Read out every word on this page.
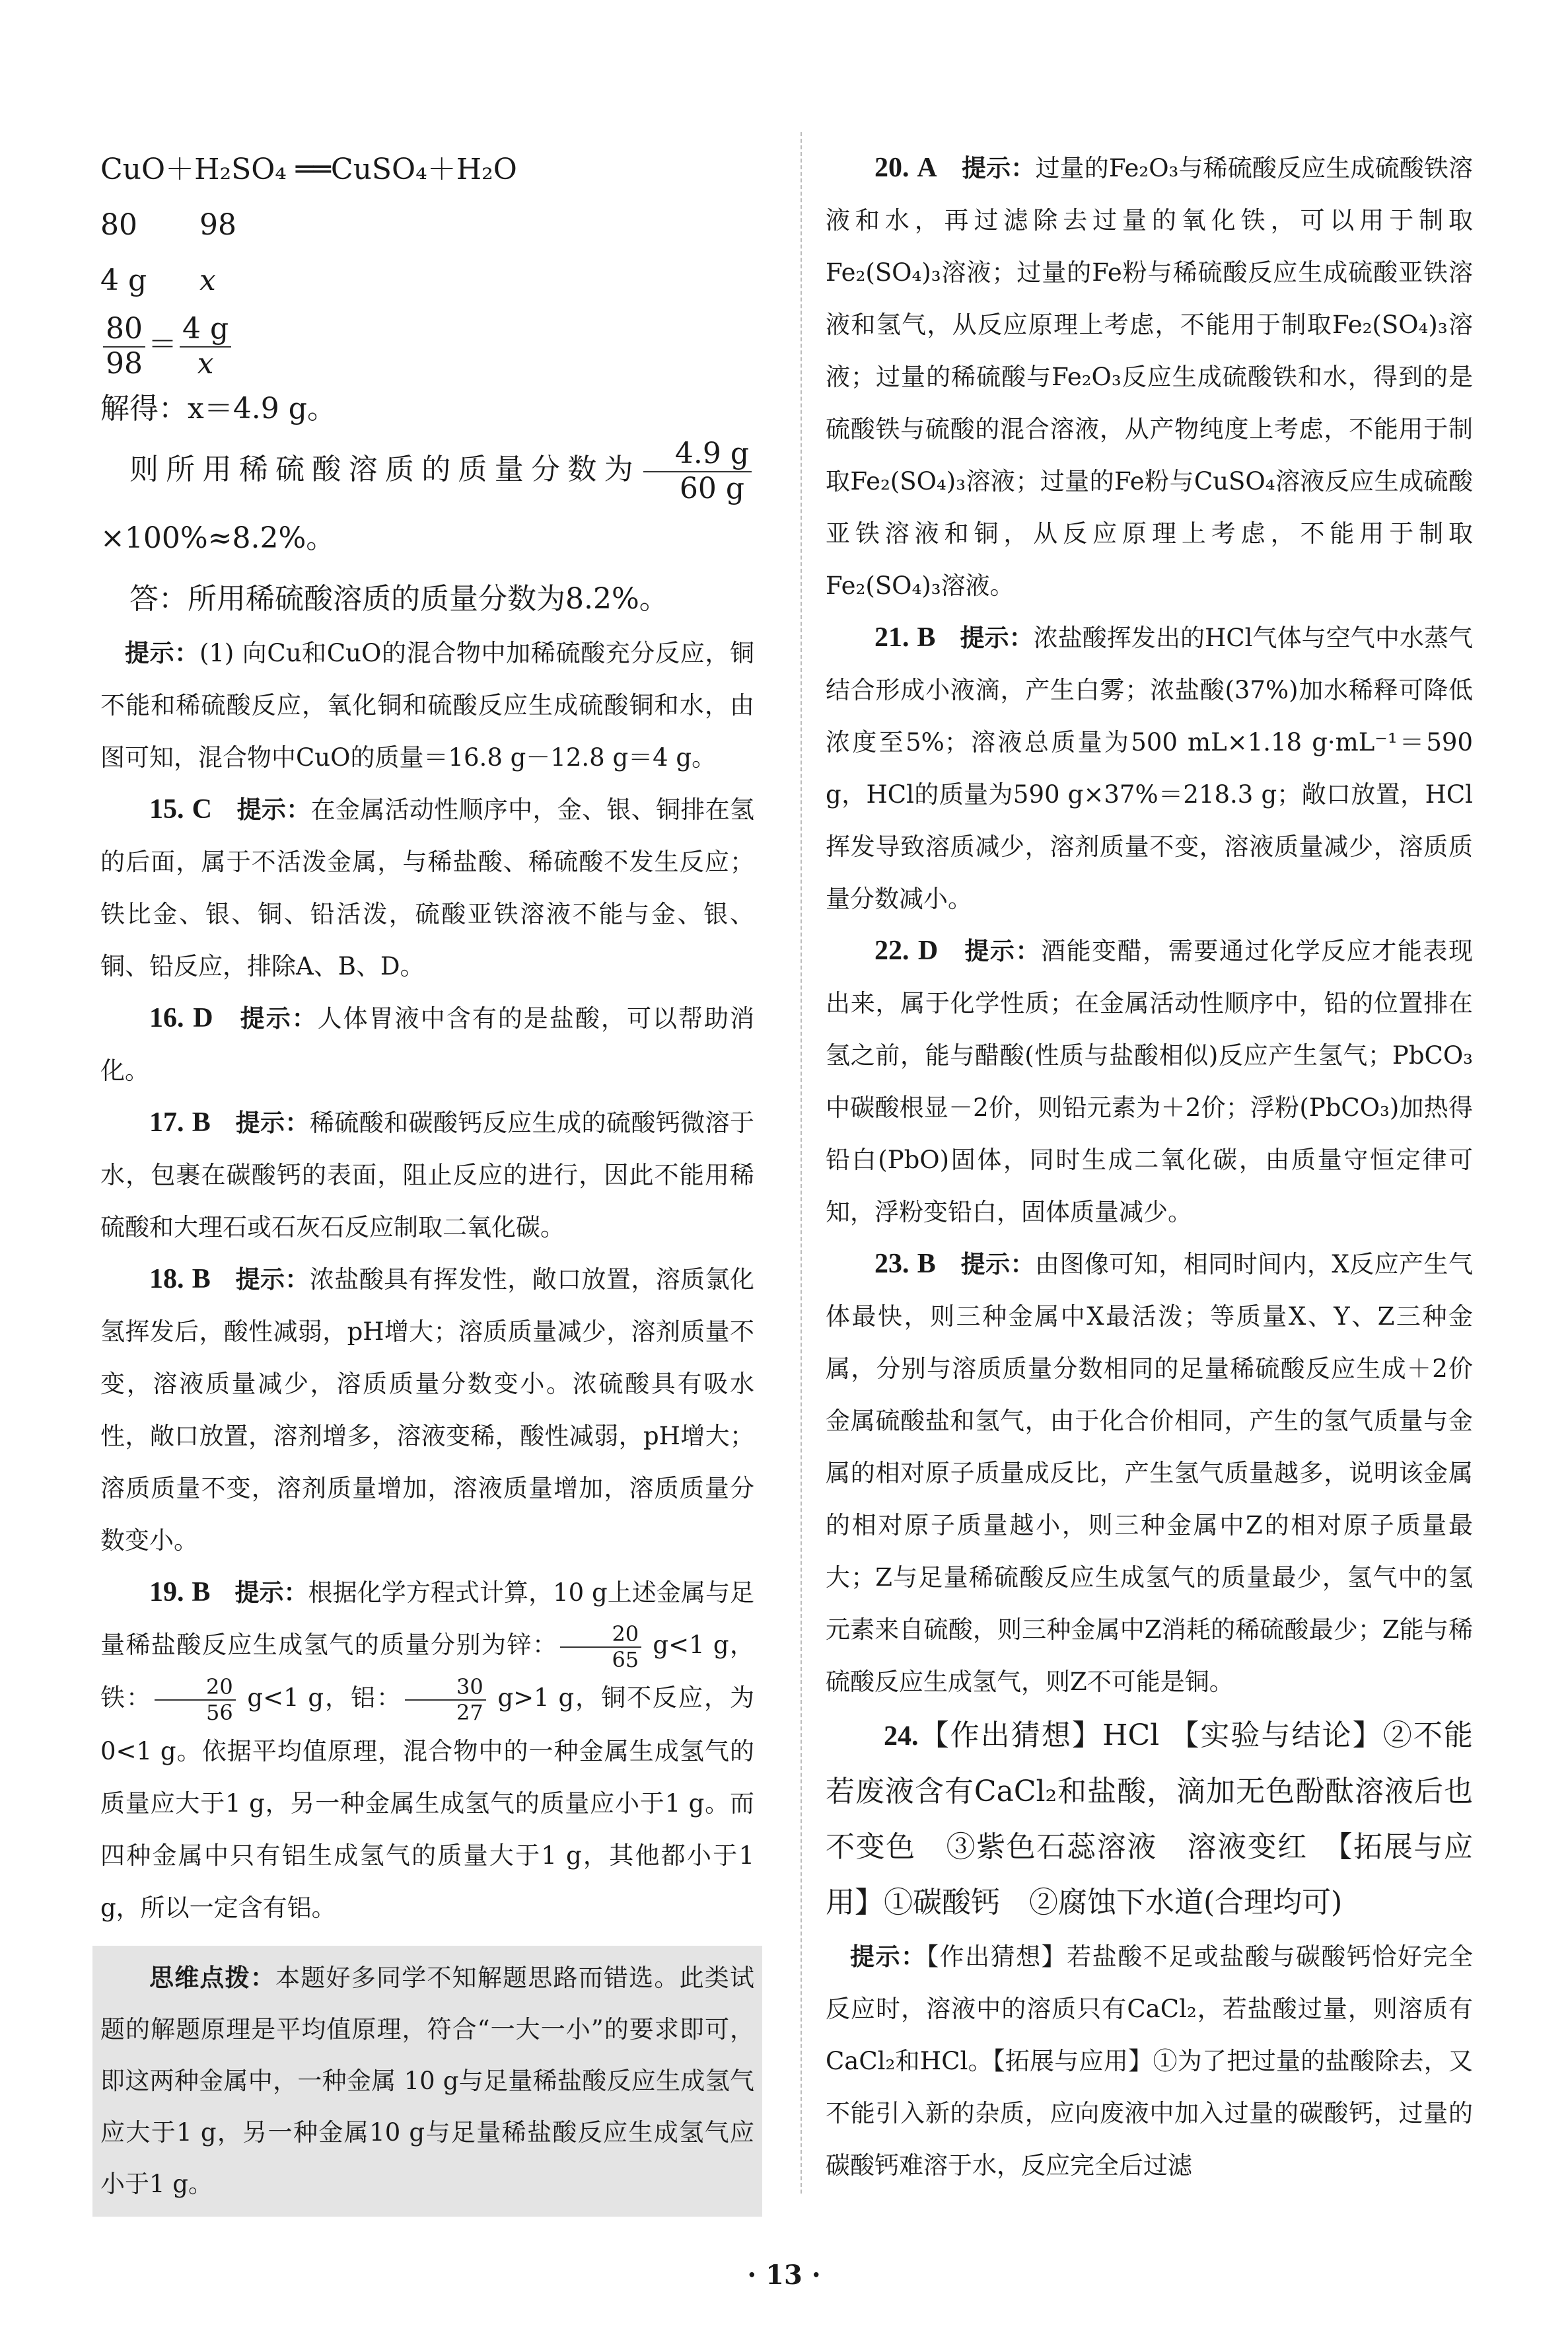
CuO＋H₂SO₄ ══CuSO₄＋H₂O

80	98
4 g	x

$\frac{80}{98} = \frac{4 g}{x}$

解得：x＝4.9 g。

则所用稀硫酸溶质的质量分数为 $\frac{4.9 g}{60 g}$
×100%≈8.2%。

答：所用稀硫酸溶质的质量分数为8.2%。

提示：(1) 向Cu和CuO的混合物中加稀硫酸充分反应，铜不能和稀硫酸反应，氧化铜和硫酸反应生成硫酸铜和水，由图可知，混合物中CuO的质量＝16.8 g－12.8 g＝4 g。

15. C　 提示：在金属活动性顺序中，金、银、铜排在氢的后面，属于不活泼金属，与稀盐酸、稀硫酸不发生反应；铁比金、银、铜、铅活泼，硫酸亚铁溶液不能与金、银、铜、铅反应，排除A、B、D。

16. D　 提示：人体胃液中含有的是盐酸，可以帮助消化。

17. B　 提示：稀硫酸和碳酸钙反应生成的硫酸钙微溶于水，包裹在碳酸钙的表面，阻止反应的进行，因此不能用稀硫酸和大理石或石灰石反应制取二氧化碳。

18. B　 提示：浓盐酸具有挥发性，敞口放置，溶质氯化氢挥发后，酸性减弱，pH增大；溶质质量减少，溶剂质量不变，溶液质量减少，溶质质量分数变小。浓硫酸具有吸水性，敞口放置，溶剂增多，溶液变稀，酸性减弱，pH增大；溶质质量不变，溶剂质量增加，溶液质量增加，溶质质量分数变小。

19. B　 提示：根据化学方程式计算，10 g上述金属与足量稀盐酸反应生成氢气的质量分别为锌： $\frac{20}{65} g<1$ g，铁： $\frac{20}{56} g<1$ g，铝： $\frac{30}{27} g>1$ g，铜不反应，为0<1 g。依据平均值原理，混合物中的一种金属生成氢气的质量应大于1 g，另一种金属生成氢气的质量应小于1 g。而四种金属中只有铝生成氢气的质量大于1 g，其他都小于1 g，所以一定含有铝。

思维点拨：本题好多同学不知解题思路而错选。此类试题的解题原理是平均值原理，符合“一大一小”的要求即可，即这两种金属中，一种金属 10 g与足量稀盐酸反应生成氢气应大于1 g，另一种金属10 g与足量稀盐酸反应生成氢气应小于1 g。

20. A　 提示：过量的Fe₂O₃与稀硫酸反应生成硫酸铁溶液和水，再过滤除去过量的氧化铁，可以用于制取Fe₂(SO₄)₃溶液；过量的Fe粉与稀硫酸反应生成硫酸亚铁溶液和氢气，从反应原理上考虑，不能用于制取Fe₂(SO₄)₃溶液；过量的稀硫酸与Fe₂O₃反应生成硫酸铁和水，得到的是硫酸铁与硫酸的混合溶液，从产物纯度上考虑，不能用于制取Fe₂(SO₄)₃溶液；过量的Fe粉与CuSO₄溶液反应生成硫酸亚铁溶液和铜，从反应原理上考虑，不能用于制取Fe₂(SO₄)₃溶液。

21. B　 提示：浓盐酸挥发出的HCl气体与空气中水蒸气结合形成小液滴，产生白雾；浓盐酸(37%)加水稀释可降低浓度至5%；溶液总质量为500 mL×1.18 g·mL⁻¹＝590 g，HCl的质量为590 g×37%＝218.3 g；敞口放置，HCl挥发导致溶质减少，溶剂质量不变，溶液质量减少，溶质质量分数减小。

22. D　 提示：酒能变醋，需要通过化学反应才能表现出来，属于化学性质；在金属活动性顺序中，铅的位置排在氢之前，能与醋酸(性质与盐酸相似)反应产生氢气；PbCO₃中碳酸根显－2价，则铅元素为＋2价；浮粉(PbCO₃)加热得铅白(PbO)固体，同时生成二氧化碳，由质量守恒定律可知，浮粉变铅白，固体质量减少。

23. B　 提示：由图像可知，相同时间内，X反应产生气体最快，则三种金属中X最活泼；等质量X、Y、Z三种金属，分别与溶质质量分数相同的足量稀硫酸反应生成＋2价金属硫酸盐和氢气，由于化合价相同，产生的氢气质量与金属的相对原子质量成反比，产生氢气质量越多，说明该金属的相对原子质量越小，则三种金属中Z的相对原子质量最大；Z与足量稀硫酸反应生成氢气的质量最少，氢气中的氢元素来自硫酸，则三种金属中Z消耗的稀硫酸最少；Z能与稀硫酸反应生成氢气，则Z不可能是铜。

24.【作出猜想】HCl 【实验与结论】②不能　若废液含有CaCl₂和盐酸，滴加无色酚酞溶液后也不变色　③紫色石蕊溶液　溶液变红　【拓展与应用】①碳酸钙　②腐蚀下水道(合理均可)

提示：【作出猜想】若盐酸不足或盐酸与碳酸钙恰好完全反应时，溶液中的溶质只有CaCl₂，若盐酸过量，则溶质有CaCl₂和HCl。【拓展与应用】①为了把过量的盐酸除去，又不能引入新的杂质，应向废液中加入过量的碳酸钙，过量的碳酸钙难溶于水，反应完全后过滤

· 13 ·
